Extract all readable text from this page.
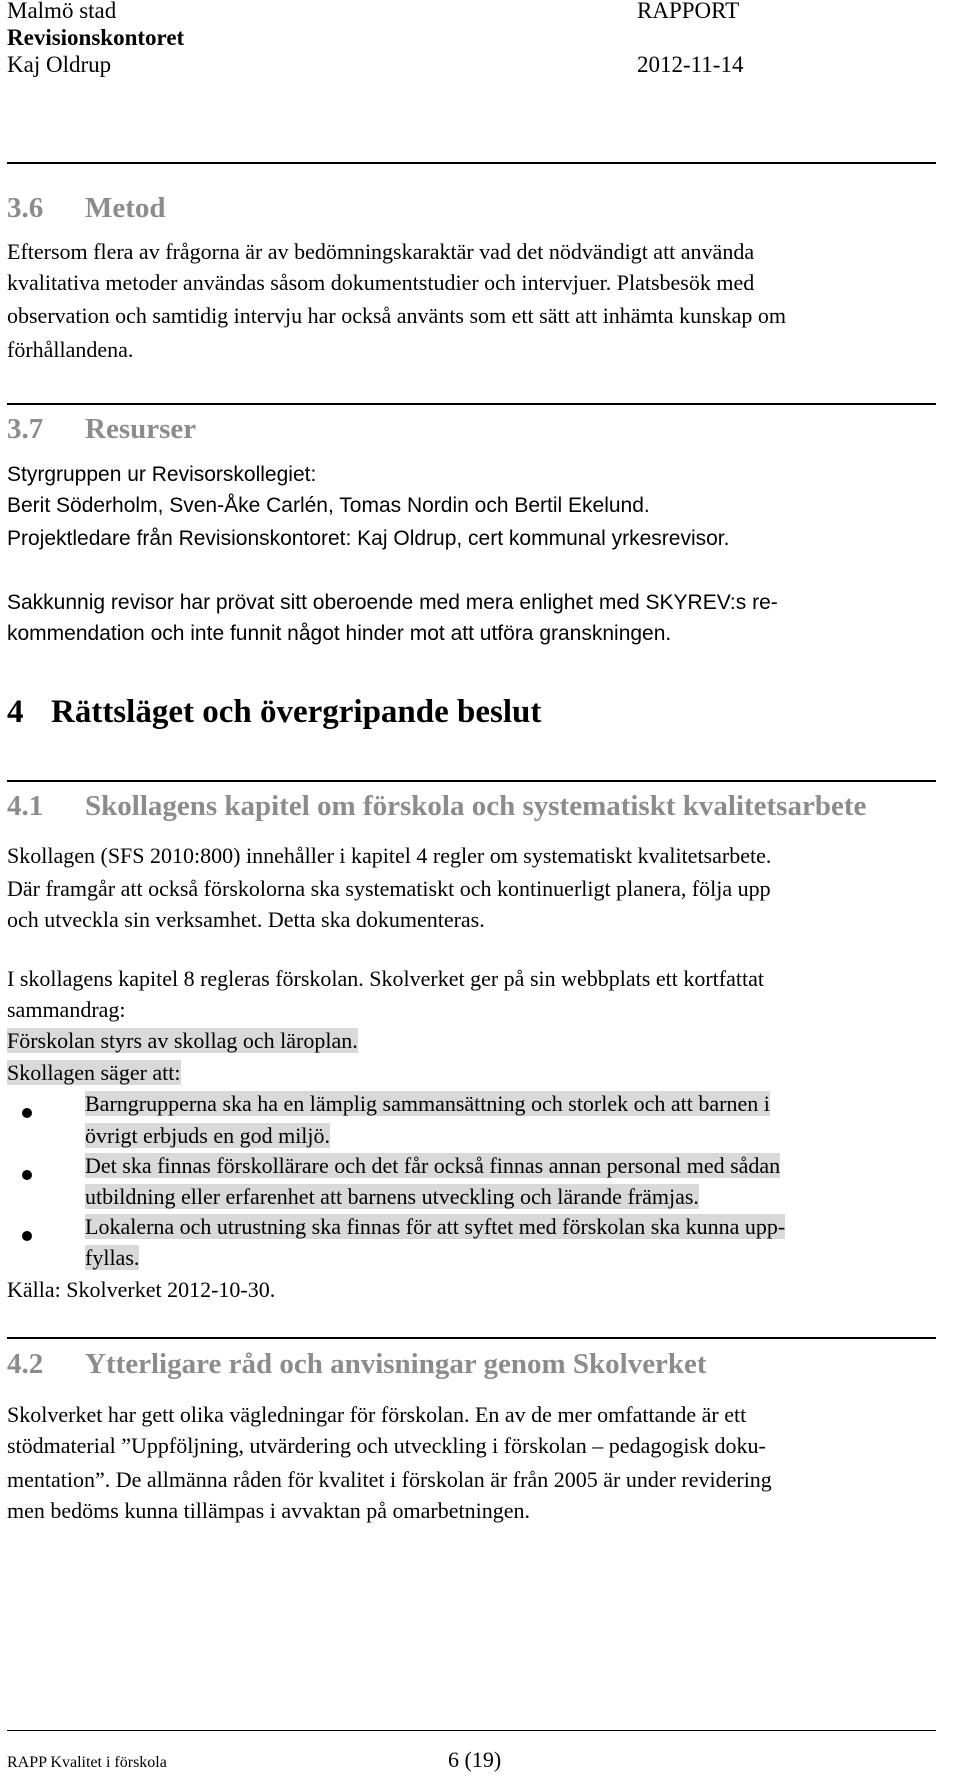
Malmö stad
Revisionskontoret
Kaj Oldrup
RAPPORT
2012-11-14
3.6 Metod
Eftersom flera av frågorna är av bedömningskaraktär vad det nödvändigt att använda
kvalitativa metoder användas såsom dokumentstudier och intervjuer. Platsbesök med
observation och samtidig intervju har också använts som ett sätt att inhämta kunskap om
förhållandena.
3.7 Resurser
Styrgruppen ur Revisorskollegiet:
Berit Söderholm, Sven-Åke Carlén, Tomas Nordin och Bertil Ekelund.
Projektledare från Revisionskontoret: Kaj Oldrup, cert kommunal yrkesrevisor.
Sakkunnig revisor har prövat sitt oberoende med mera enlighet med SKYREV:s re-
kommendation och inte funnit något hinder mot att utföra granskningen.
4 Rättsläget och övergripande beslut
4.1 Skollagens kapitel om förskola och systematiskt kvalitetsarbete
Skollagen (SFS 2010:800) innehåller i kapitel 4 regler om systematiskt kvalitetsarbete.
Där framgår att också förskolorna ska systematiskt och kontinuerligt planera, följa upp
och utveckla sin verksamhet. Detta ska dokumenteras.
I skollagens kapitel 8 regleras förskolan. Skolverket ger på sin webbplats ett kortfattat
sammandrag:
Förskolan styrs av skollag och läroplan.
Skollagen säger att:
Barngrupperna ska ha en lämplig sammansättning och storlek och att barnen i
övrigt erbjuds en god miljö.
Det ska finnas förskollärare och det får också finnas annan personal med sådan
utbildning eller erfarenhet att barnens utveckling och lärande främjas.
Lokalerna och utrustning ska finnas för att syftet med förskolan ska kunna upp-
fyllas.
Källa: Skolverket 2012-10-30.
4.2 Ytterligare råd och anvisningar genom Skolverket
Skolverket har gett olika vägledningar för förskolan. En av de mer omfattande är ett
stödmaterial ”Uppföljning, utvärdering och utveckling i förskolan – pedagogisk doku-
mentation”. De allmänna råden för kvalitet i förskolan är från 2005 är under revidering
men bedöms kunna tillämpas i avvaktan på omarbetningen.
RAPP Kvalitet i förskola	6 (19)
